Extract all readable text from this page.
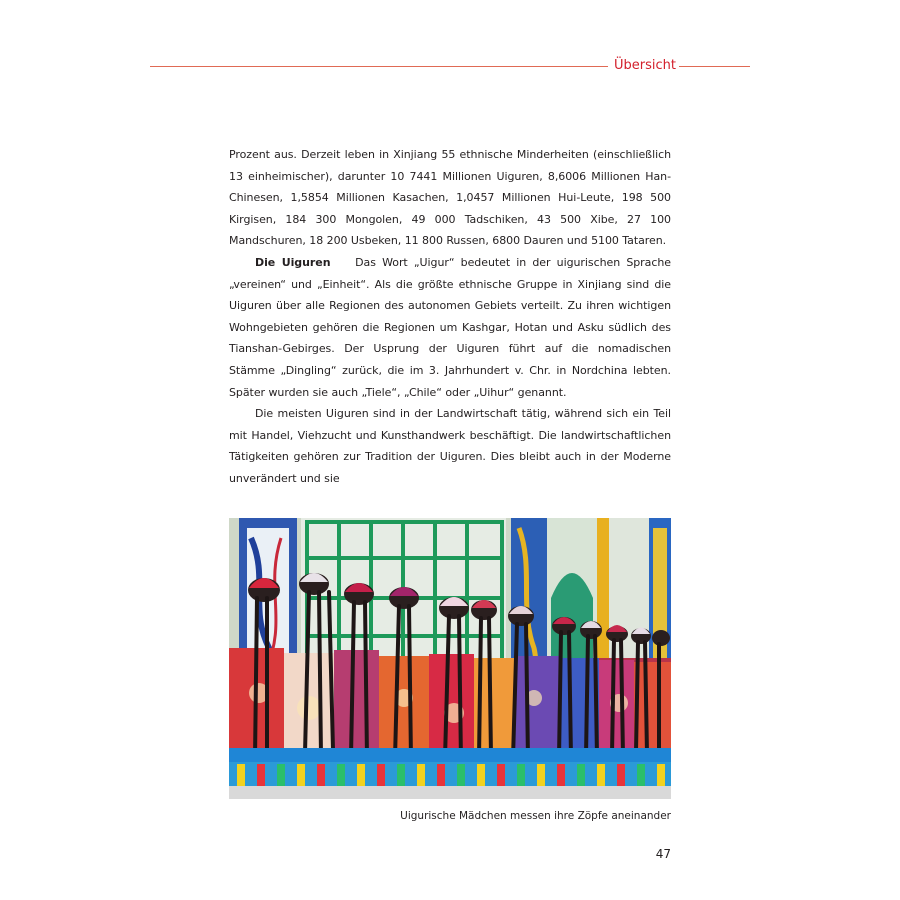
Übersicht

Prozent aus. Derzeit leben in Xinjiang 55 ethnische Minderheiten (einschließlich 13 einheimischer), darunter 10 7441 Millionen Uiguren, 8,6006 Millionen Han-Chinesen, 1,5854 Millionen Kasachen, 1,0457 Millionen Hui-Leute, 198 500 Kirgisen, 184 300 Mongolen, 49 000 Tadschiken, 43 500 Xibe, 27 100 Mandschuren, 18 200 Usbeken, 11 800 Russen, 6800 Dauren und 5100 Tataren.

Die Uiguren Das Wort „Uigur“ bedeutet in der uigurischen Sprache „vereinen“ und „Einheit“. Als die größte ethnische Gruppe in Xinjiang sind die Uiguren über alle Regionen des autonomen Gebiets verteilt. Zu ihren wichtigen Wohngebieten gehören die Regionen um Kashgar, Hotan und Asku südlich des Tianshan-Gebirges. Der Usprung der Uiguren führt auf die nomadischen Stämme „Dingling“ zurück, die im 3. Jahrhundert v. Chr. in Nordchina lebten. Später wurden sie auch „Tiele“, „Chile“ oder „Uihur“ genannt.

Die meisten Uiguren sind in der Landwirtschaft tätig, während sich ein Teil mit Handel, Viehzucht und Kunsthandwerk beschäftigt. Die landwirtschaftlichen Tätigkeiten gehören zur Tradition der Uiguren. Dies bleibt auch in der Moderne unverändert und sie

Uigurische Mädchen messen ihre Zöpfe aneinander
47
